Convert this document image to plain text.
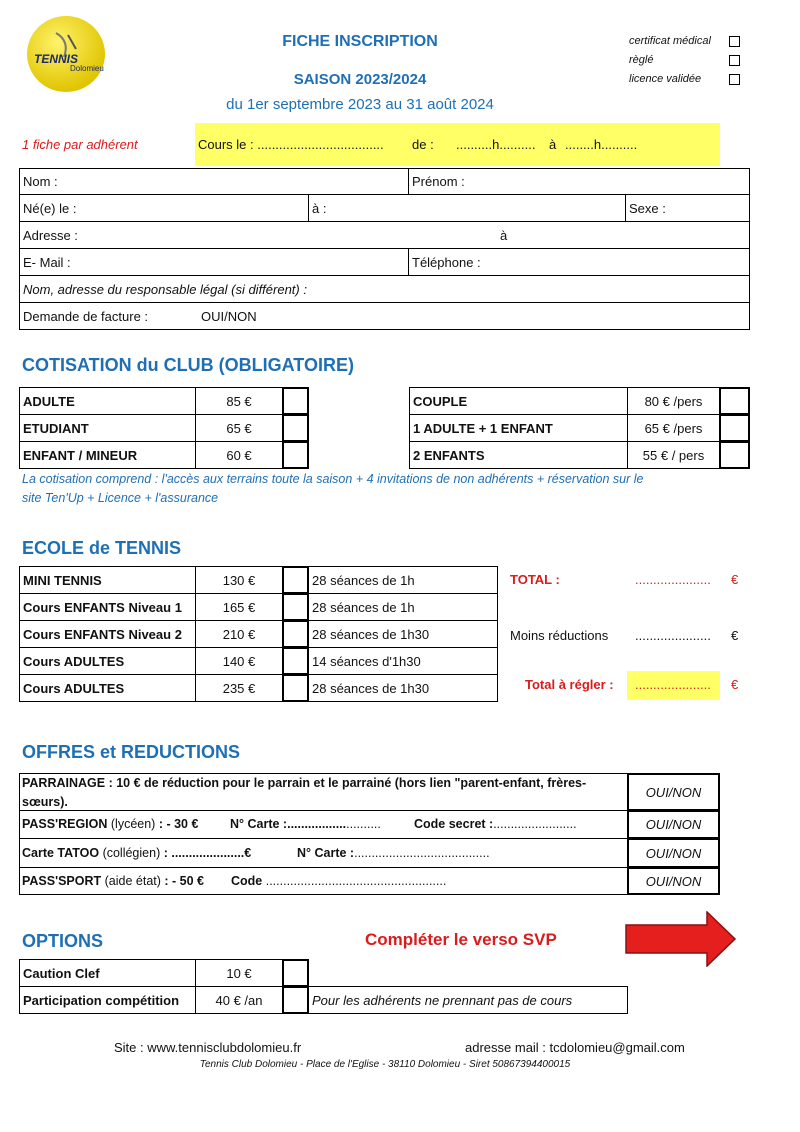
TENNIS
Dolomieu
FICHE INSCRIPTION
SAISON 2023/2024
du 1er septembre 2023 au 31 août 2024
certificat médical
règlé
licence validée
1 fiche par adhérent	Cours le : ................................... de : ..........h.......... à ........h..........
Nom :	Prénom :
Né(e) le :	à :	Sexe :
Adresse :	à
E- Mail :	Téléphone :
Nom, adresse du responsable légal (si différent) :
Demande de facture :	OUI/NON
COTISATION du CLUB (OBLIGATOIRE)
ADULTE	85 €
ETUDIANT	65 €
ENFANT / MINEUR	60 €
COUPLE	80 € /pers
1 ADULTE + 1 ENFANT	65 € /pers
2 ENFANTS	55 € / pers
La cotisation comprend : l'accès aux terrains toute la saison + 4 invitations de non adhérents + réservation sur le
site Ten'Up + Licence + l'assurance
ECOLE de TENNIS
MINI TENNIS	130 €	28 séances de 1h
Cours ENFANTS Niveau 1	165 €	28 séances de 1h
Cours ENFANTS Niveau 2	210 €	28 séances de 1h30
Cours ADULTES	140 €	14 séances d'1h30
Cours ADULTES	235 €	28 séances de 1h30
TOTAL :	..................... €
Moins réductions ..................... €
Total à régler : ..................... €
OFFRES et REDUCTIONS
PARRAINAGE : 10 € de réduction pour le parrain et le parrainé (hors lien "parent-enfant, frères-
sœurs).
OUI/NON
PASS'REGION (lycéen) : - 30 €	N° Carte :...........................	Code secret :........................	OUI/NON
Carte TATOO (collégien) : .....................€	N° Carte :.......................................	OUI/NON
PASS'SPORT (aide état) : - 50 € Code ....................................................	OUI/NON
OPTIONS	Compléter le verso SVP
Caution Clef	10 €
Participation compétition	40 € /an	Pour les adhérents ne prennant pas de cours
Site : www.tennisclubdolomieu.fr	adresse mail : tcdolomieu@gmail.com
Tennis Club Dolomieu - Place de l'Eglise - 38110 Dolomieu - Siret 50867394400015
